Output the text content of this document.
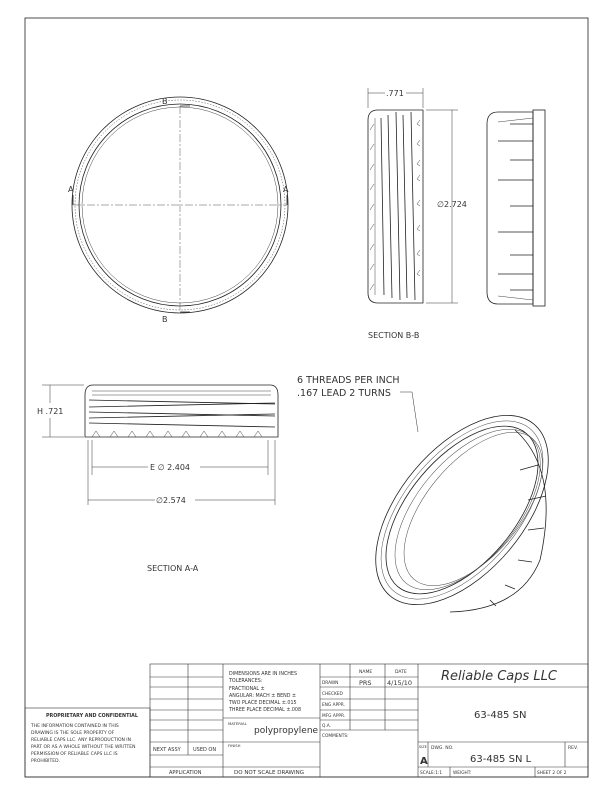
B
B
A	A
.771
∅2.724
SECTION B-B
H .721
E ∅ 2.404
∅2.574
SECTION A-A
6 THREADS PER INCH
.167 LEAD 2 TURNS
DIMENSIONS ARE IN INCHES
TOLERANCES:
FRACTIONAL ±
ANGULAR: MACH ± BEND ±
TWO PLACE DECIMAL ±.015
THREE PLACE DECIMAL ±.008
MATERIAL
polypropylene
FINISH
DO NOT SCALE DRAWING
NEXT ASSY USED ON
APPLICATION
NAME	DATE
DRAWN	PRS 4/15/10
CHECKED
ENG APPR.
MFG APPR.
Q.A.
COMMENTS:
Reliable Caps LLC
63-485 SN
SIZE
A
DWG. NO.
63-485 SN L
REV.
SCALE:1:1	WEIGHT:	SHEET 2 OF 2
PROPRIETARY AND CONFIDENTIAL
THE INFORMATION CONTAINED IN THIS
DRAWING IS THE SOLE PROPERTY OF
RELIABLE CAPS LLC. ANY REPRODUCTION IN
PART OR AS A WHOLE WITHOUT THE WRITTEN
PERMISSION OF RELIABLE CAPS LLC IS
PROHIBITED.
